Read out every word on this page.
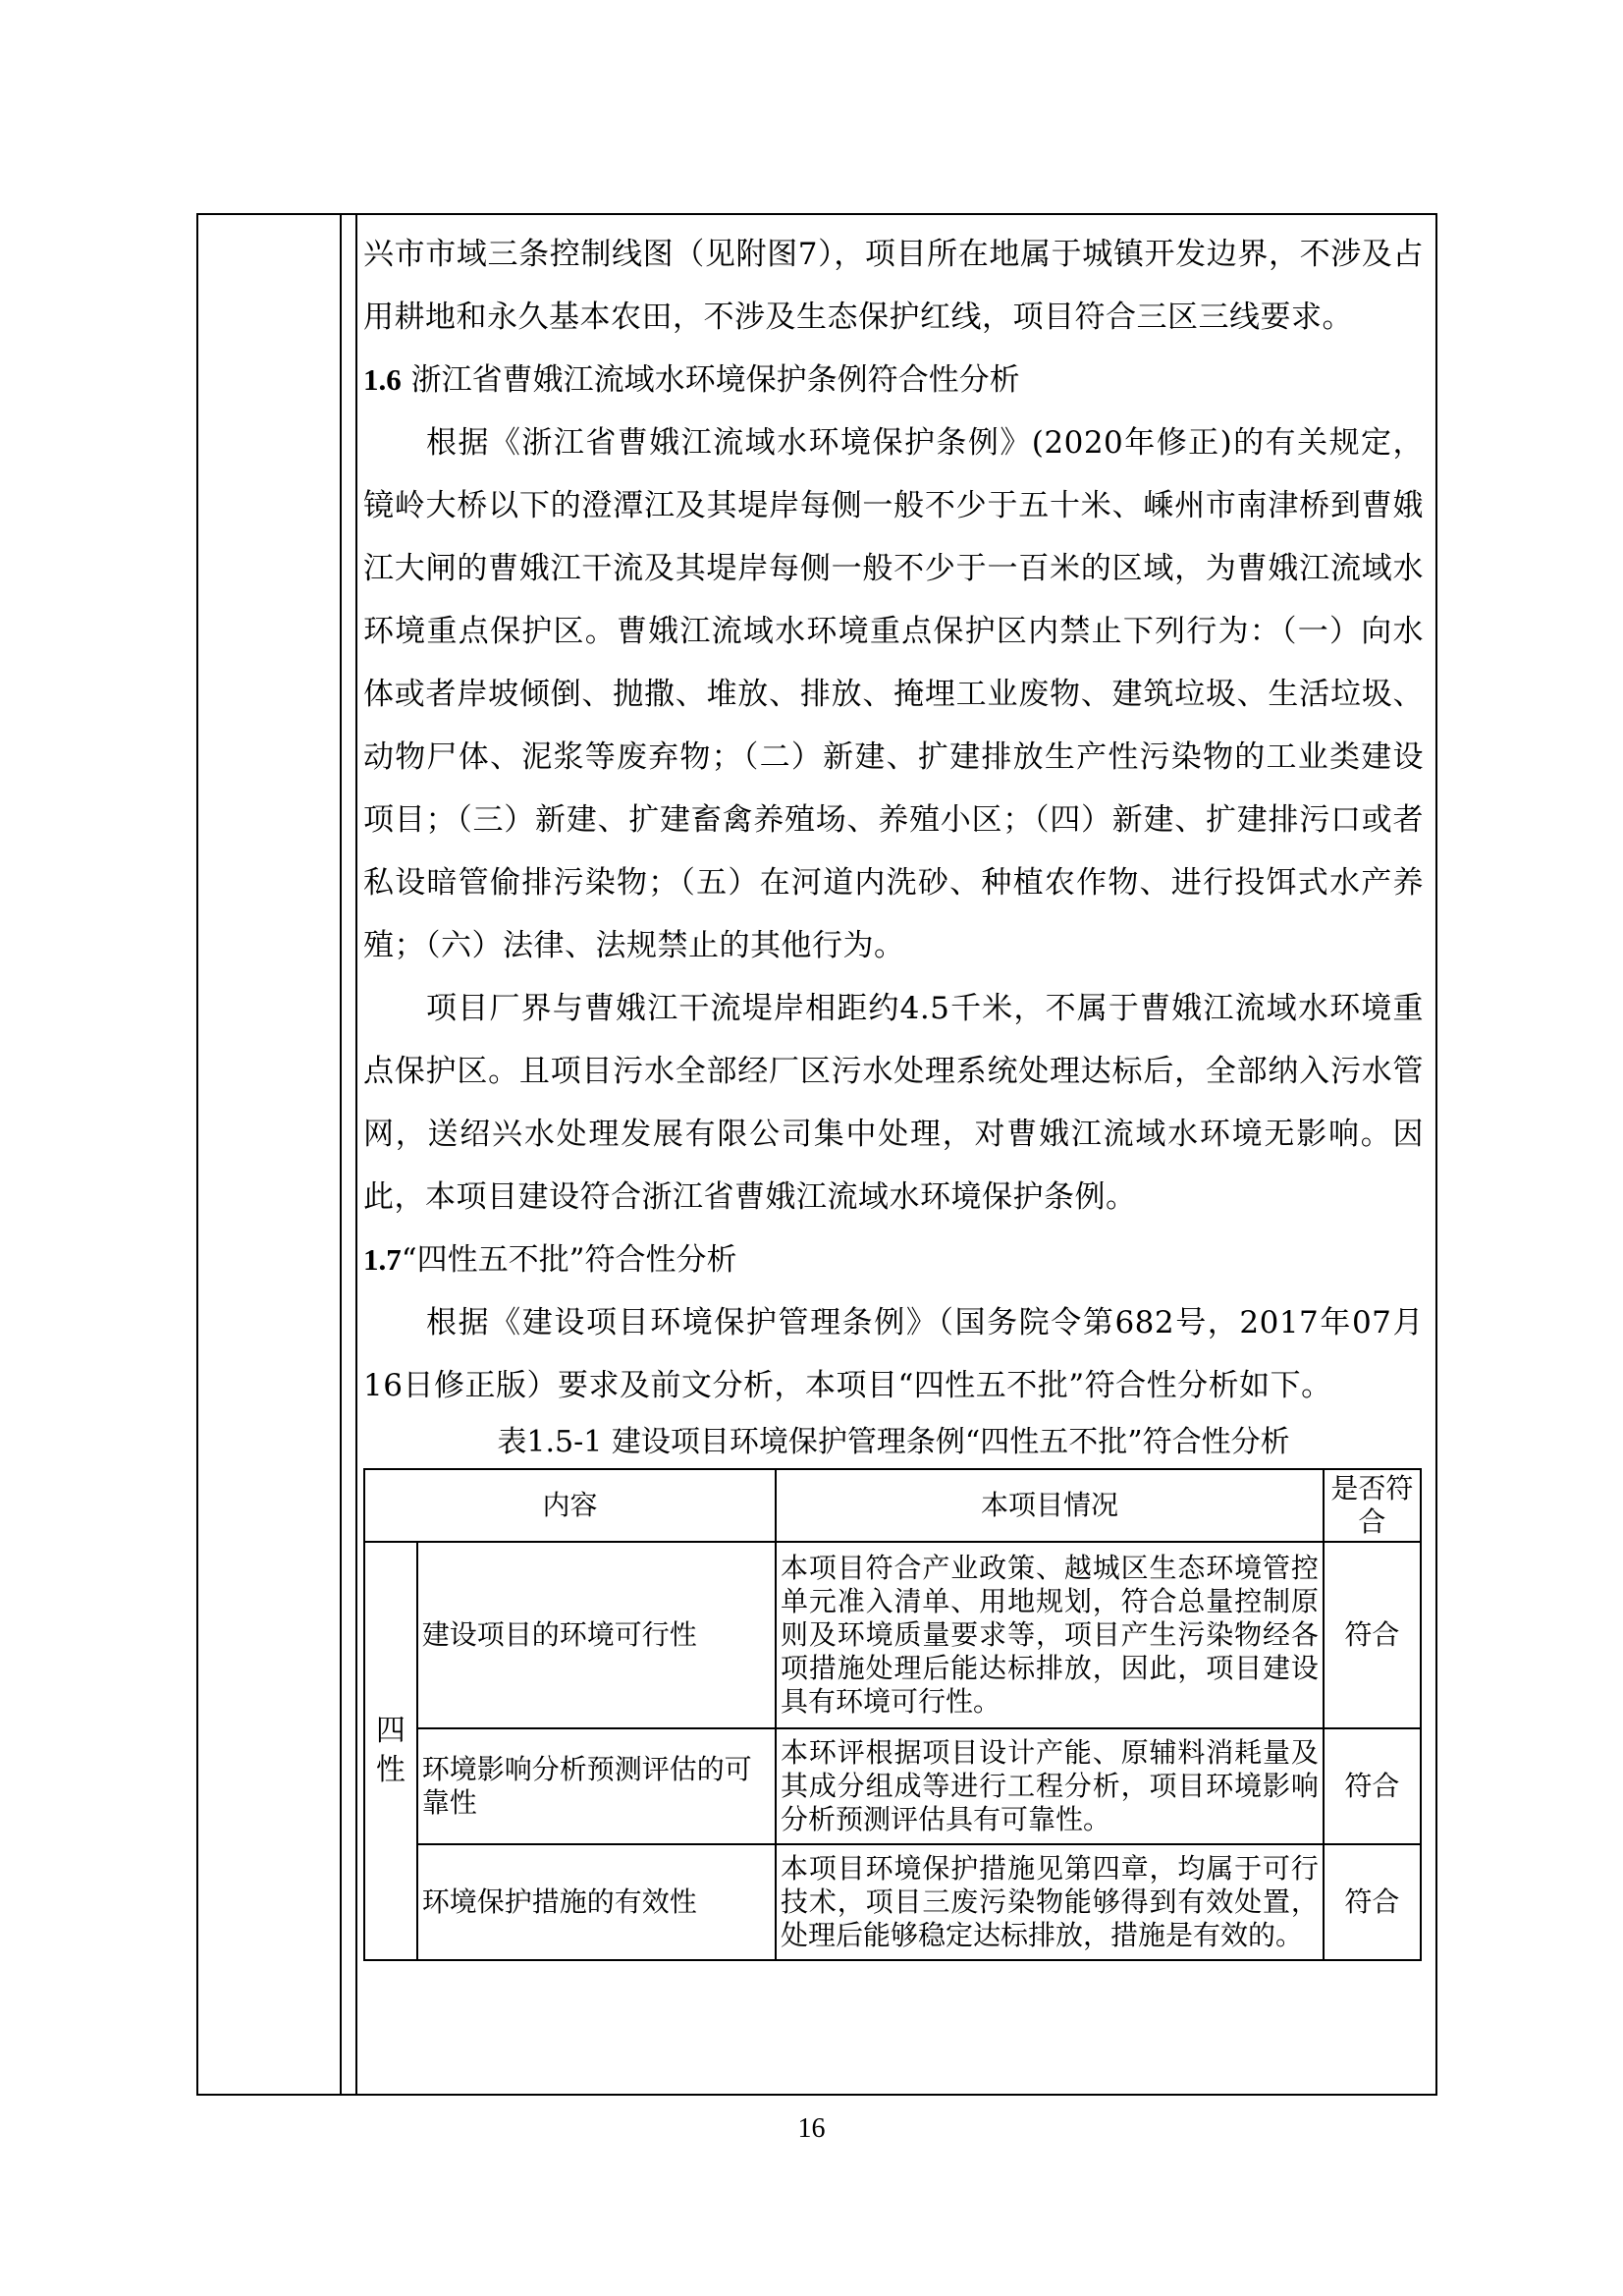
兴市市域三条控制线图（见附图7），项目所在地属于城镇开发边界，不涉及占用耕地和永久基本农田，不涉及生态保护红线，项目符合三区三线要求。

1.6 浙江省曹娥江流域水环境保护条例符合性分析

根据《浙江省曹娥江流域水环境保护条例》(2020年修正)的有关规定，镜岭大桥以下的澄潭江及其堤岸每侧一般不少于五十米、嵊州市南津桥到曹娥江大闸的曹娥江干流及其堤岸每侧一般不少于一百米的区域，为曹娥江流域水环境重点保护区。曹娥江流域水环境重点保护区内禁止下列行为：（一）向水体或者岸坡倾倒、抛撒、堆放、排放、掩埋工业废物、建筑垃圾、生活垃圾、动物尸体、泥浆等废弃物；（二）新建、扩建排放生产性污染物的工业类建设项目；（三）新建、扩建畜禽养殖场、养殖小区；（四）新建、扩建排污口或者私设暗管偷排污染物；（五）在河道内洗砂、种植农作物、进行投饵式水产养殖；（六）法律、法规禁止的其他行为。

项目厂界与曹娥江干流堤岸相距约4.5千米，不属于曹娥江流域水环境重点保护区。且项目污水全部经厂区污水处理系统处理达标后，全部纳入污水管网，送绍兴水处理发展有限公司集中处理，对曹娥江流域水环境无影响。因此，本项目建设符合浙江省曹娥江流域水环境保护条例。

1.7“四性五不批”符合性分析

根据《建设项目环境保护管理条例》（国务院令第682号，2017年07月16日修正版）要求及前文分析，本项目“四性五不批”符合性分析如下。

表1.5-1 建设项目环境保护管理条例“四性五不批”符合性分析

内容		本项目情况	是否符合

四性	建设项目的环境可行性	本项目符合产业政策、越城区生态环境管控单元准入清单、用地规划，符合总量控制原则及环境质量要求等，项目产生污染物经各项措施处理后能达标排放，因此，项目建设具有环境可行性。	符合
	环境影响分析预测评估的可靠性	本环评根据项目设计产能、原辅料消耗量及其成分组成等进行工程分析，项目环境影响分析预测评估具有可靠性。	符合
	环境保护措施的有效性	本项目环境保护措施见第四章，均属于可行技术，项目三废污染物能够得到有效处置，处理后能够稳定达标排放，措施是有效的。	符合
16
